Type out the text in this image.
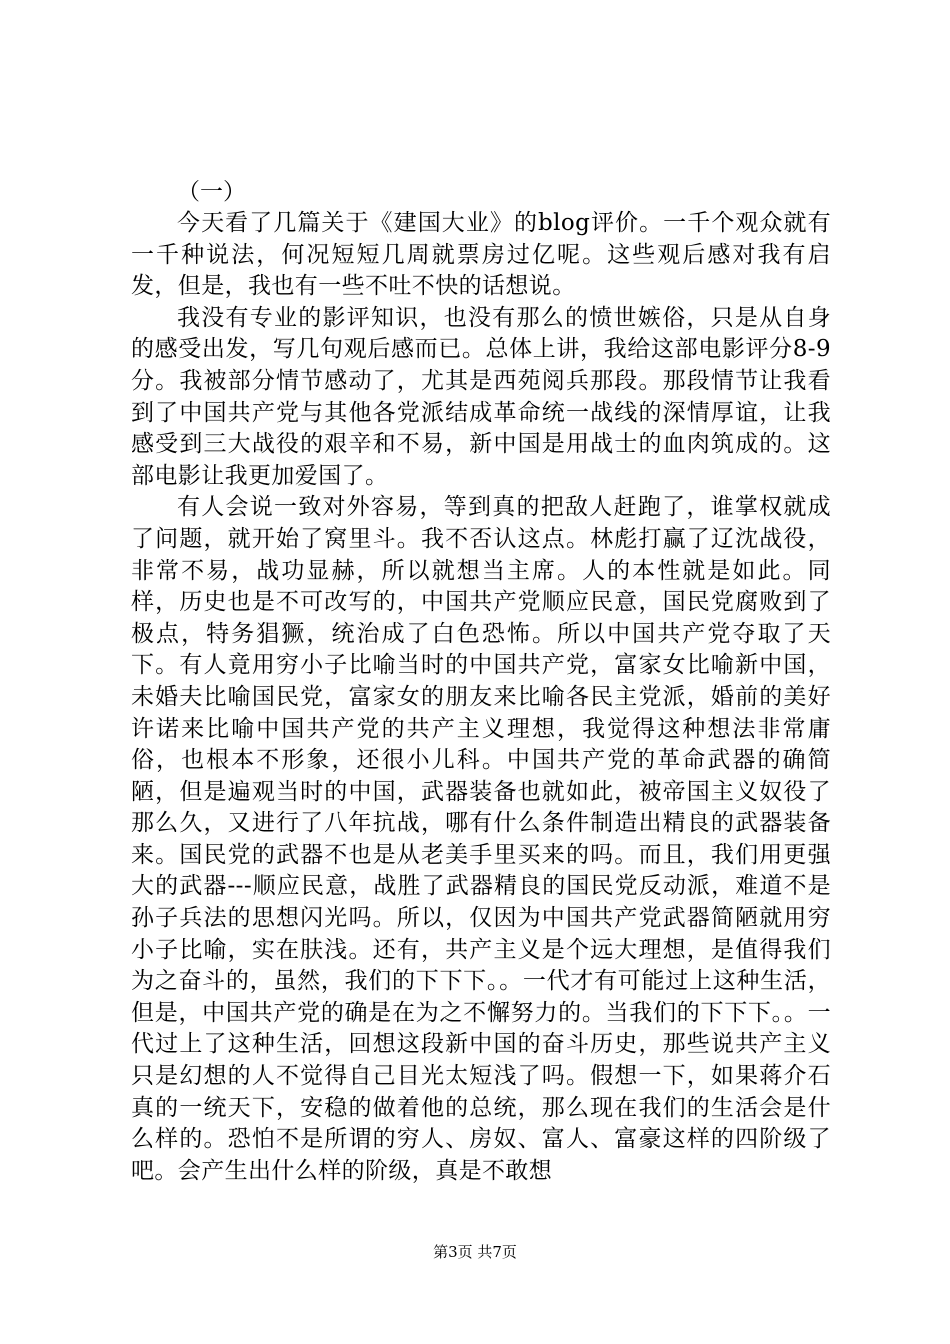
（一）

今天看了几篇关于《建国大业》的blog评价。一千个观众就有一千种说法，何况短短几周就票房过亿呢。这些观后感对我有启发，但是，我也有一些不吐不快的话想说。

我没有专业的影评知识，也没有那么的愤世嫉俗，只是从自身的感受出发，写几句观后感而已。总体上讲，我给这部电影评分8-9分。我被部分情节感动了，尤其是西苑阅兵那段。那段情节让我看到了中国共产党与其他各党派结成革命统一战线的深情厚谊，让我感受到三大战役的艰辛和不易，新中国是用战士的血肉筑成的。这部电影让我更加爱国了。

有人会说一致对外容易，等到真的把敌人赶跑了，谁掌权就成了问题，就开始了窝里斗。我不否认这点。林彪打赢了辽沈战役，非常不易，战功显赫，所以就想当主席。人的本性就是如此。同样，历史也是不可改写的，中国共产党顺应民意，国民党腐败到了极点，特务猖獗，统治成了白色恐怖。所以中国共产党夺取了天下。有人竟用穷小子比喻当时的中国共产党，富家女比喻新中国，未婚夫比喻国民党，富家女的朋友来比喻各民主党派，婚前的美好许诺来比喻中国共产党的共产主义理想，我觉得这种想法非常庸俗，也根本不形象，还很小儿科。中国共产党的革命武器的确简陋，但是遍观当时的中国，武器装备也就如此，被帝国主义奴役了那么久，又进行了八年抗战，哪有什么条件制造出精良的武器装备来。国民党的武器不也是从老美手里买来的吗。而且，我们用更强大的武器---顺应民意，战胜了武器精良的国民党反动派，难道不是孙子兵法的思想闪光吗。所以，仅因为中国共产党武器简陋就用穷小子比喻，实在肤浅。还有，共产主义是个远大理想，是值得我们为之奋斗的，虽然，我们的下下下。。一代才有可能过上这种生活，但是，中国共产党的确是在为之不懈努力的。当我们的下下下。。一代过上了这种生活，回想这段新中国的奋斗历史，那些说共产主义只是幻想的人不觉得自己目光太短浅了吗。假想一下，如果蒋介石真的一统天下，安稳的做着他的总统，那么现在我们的生活会是什么样的。恐怕不是所谓的穷人、房奴、富人、富豪这样的四阶级了吧。会产生出什么样的阶级，真是不敢想

第3页 共7页
